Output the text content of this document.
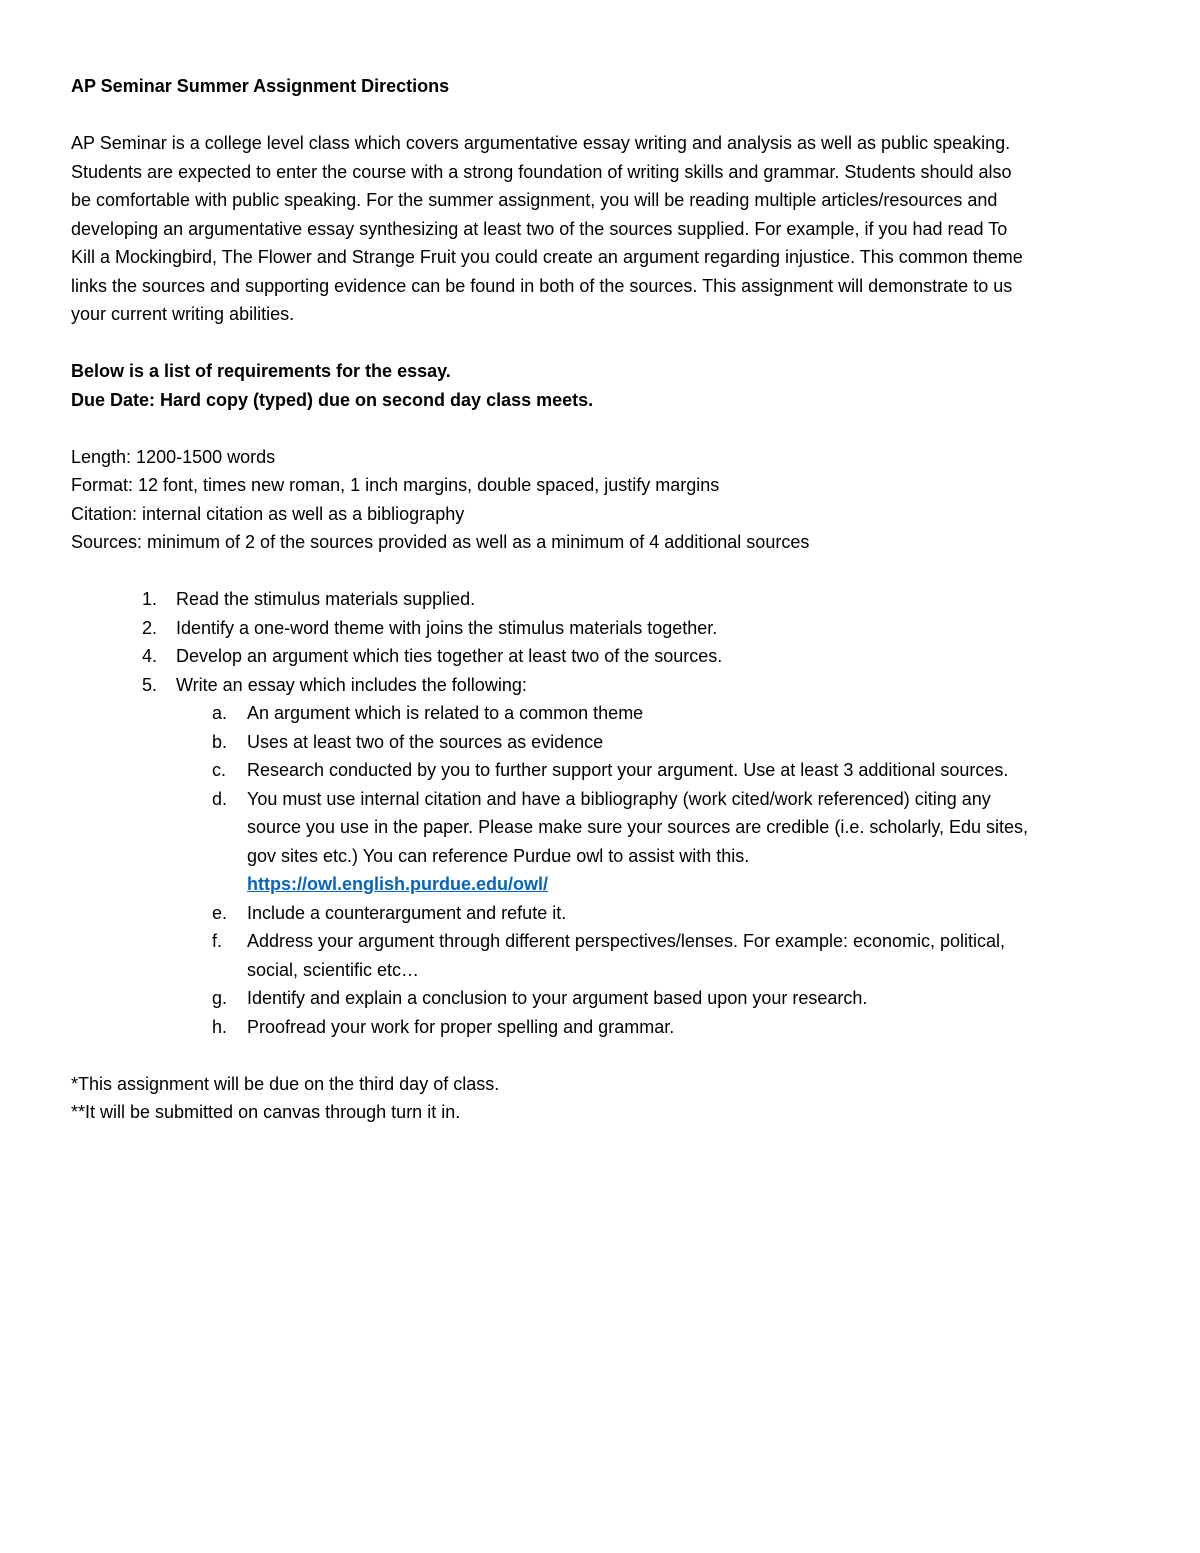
AP Seminar Summer Assignment Directions
AP Seminar is a college level class which covers argumentative essay writing and analysis as well as public speaking.
Students are expected to enter the course with a strong foundation of writing skills and grammar. Students should also
be comfortable with public speaking. For the summer assignment, you will be reading multiple articles/resources and
developing an argumentative essay synthesizing at least two of the sources supplied. For example, if you had read To
Kill a Mockingbird, The Flower and Strange Fruit you could create an argument regarding injustice. This common theme
links the sources and supporting evidence can be found in both of the sources. This assignment will demonstrate to us
your current writing abilities.
Below is a list of requirements for the essay.
Due Date: Hard copy (typed) due on second day class meets.
Length: 1200-1500 words
Format: 12 font, times new roman, 1 inch margins, double spaced, justify margins
Citation: internal citation as well as a bibliography
Sources: minimum of 2 of the sources provided as well as a minimum of 4 additional sources
1.	Read the stimulus materials supplied.
2.	Identify a one-word theme with joins the stimulus materials together.
4.	Develop an argument which ties together at least two of the sources.
5.	Write an essay which includes the following:
a.	An argument which is related to a common theme
b.	Uses at least two of the sources as evidence
c.	Research conducted by you to further support your argument. Use at least 3 additional sources.
d.	You must use internal citation and have a bibliography (work cited/work referenced) citing any
source you use in the paper. Please make sure your sources are credible (i.e. scholarly, Edu sites,
gov sites etc.) You can reference Purdue owl to assist with this.
https://owl.english.purdue.edu/owl/
e.	Include a counterargument and refute it.
f.	Address your argument through different perspectives/lenses. For example: economic, political,
social, scientific etc…
g.	Identify and explain a conclusion to your argument based upon your research.
h.	Proofread your work for proper spelling and grammar.
*This assignment will be due on the third day of class.
**It will be submitted on canvas through turn it in.
